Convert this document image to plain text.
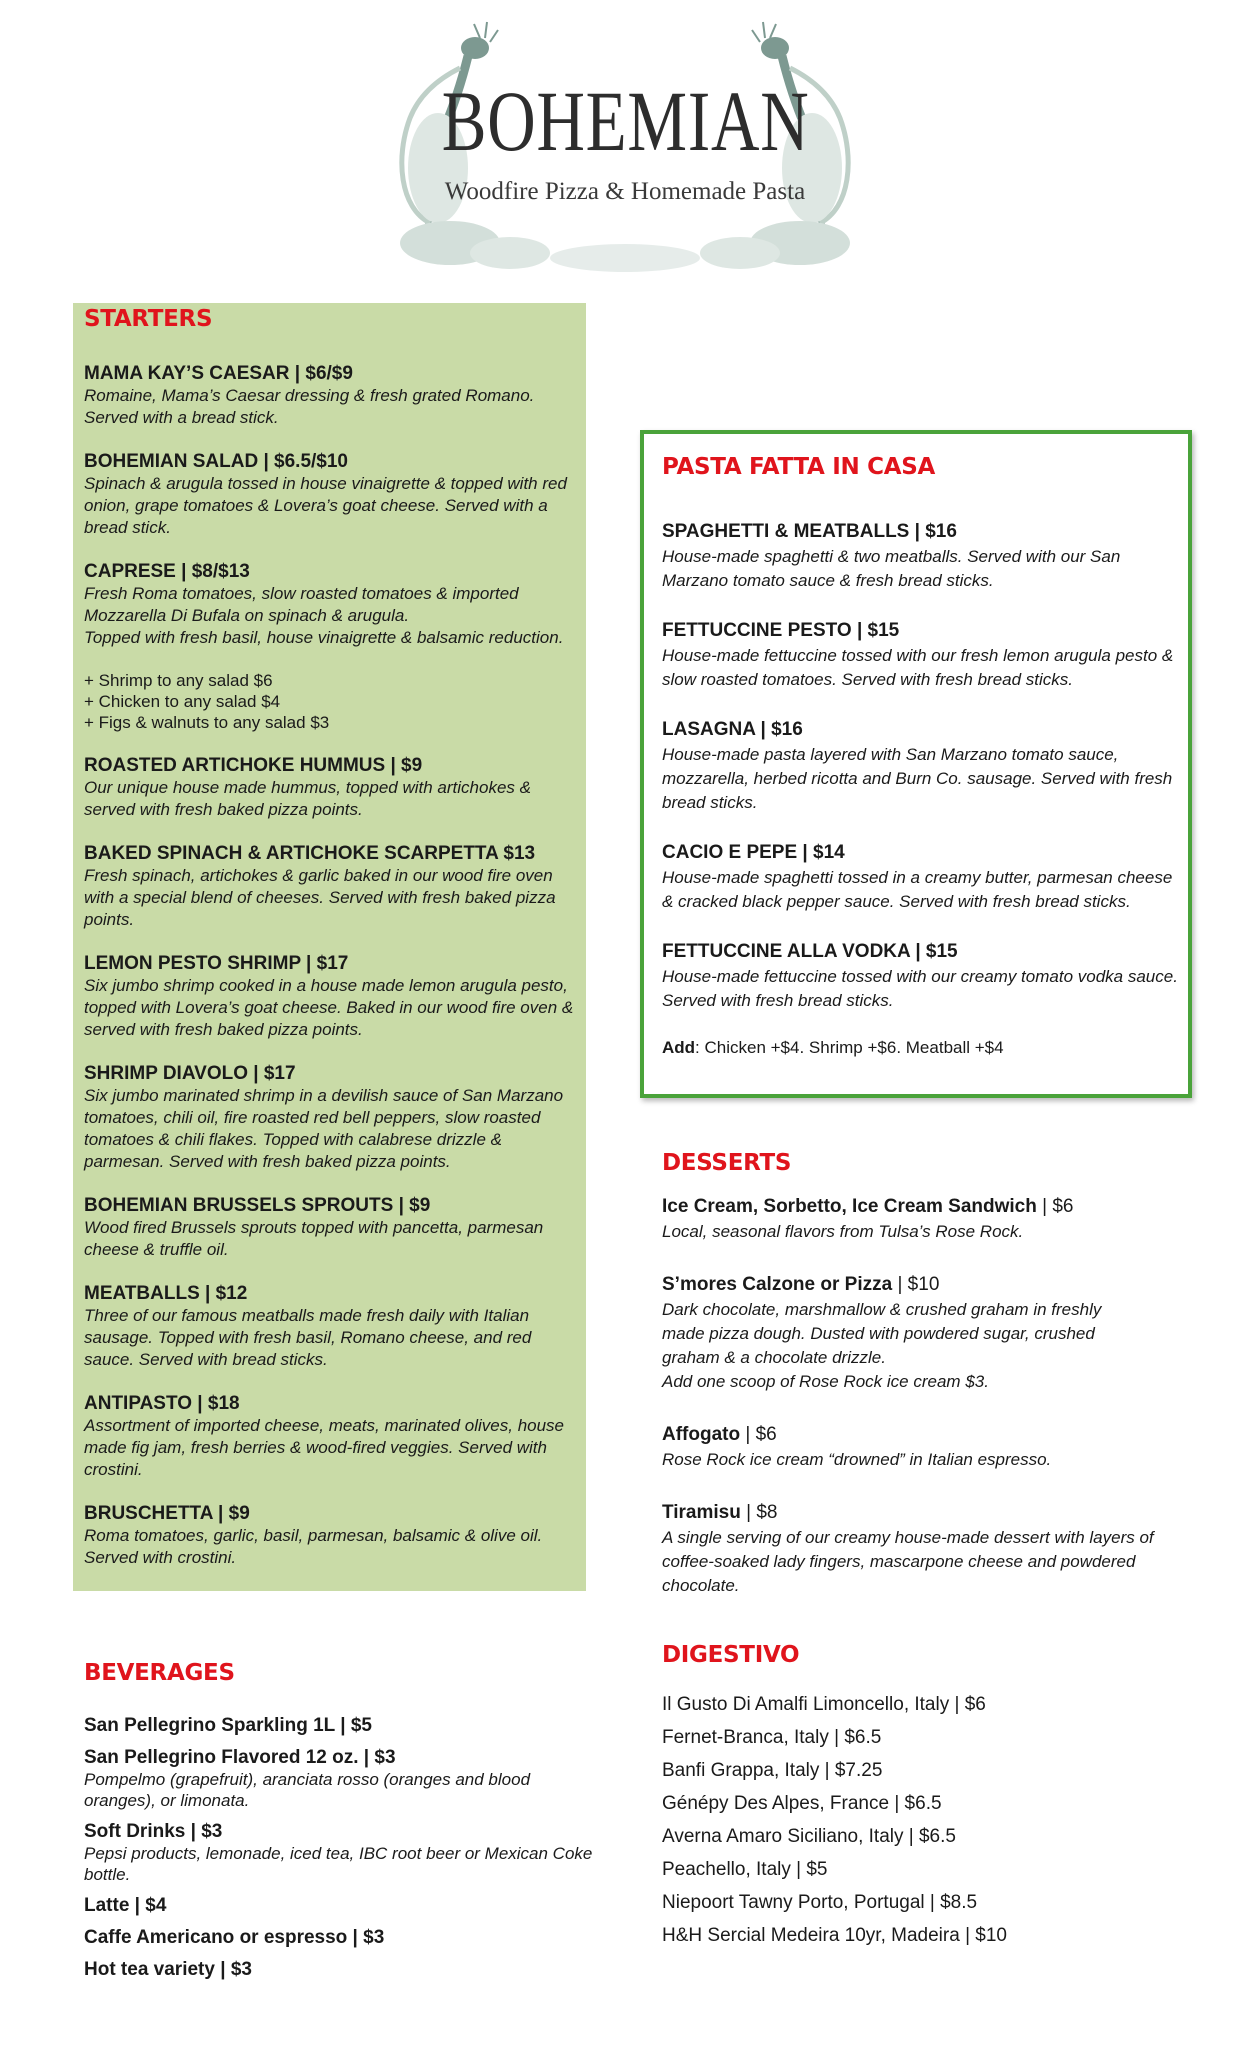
BOHEMIAN
Woodfire Pizza & Homemade Pasta
STARTERS
MAMA KAY’S CAESAR | $6/$9
Romaine, Mama’s Caesar dressing & fresh grated Romano. Served with a bread stick.
BOHEMIAN SALAD | $6.5/$10
Spinach & arugula tossed in house vinaigrette & topped with red onion, grape tomatoes & Lovera’s goat cheese. Served with a bread stick.
CAPRESE | $8/$13
Fresh Roma tomatoes, slow roasted tomatoes & imported Mozzarella Di Bufala on spinach & arugula.
Topped with fresh basil, house vinaigrette & balsamic reduction.
+ Shrimp to any salad $6
+ Chicken to any salad $4
+ Figs & walnuts to any salad $3
ROASTED ARTICHOKE HUMMUS | $9
Our unique house made hummus, topped with artichokes & served with fresh baked pizza points.
BAKED SPINACH & ARTICHOKE SCARPETTA $13
Fresh spinach, artichokes & garlic baked in our wood fire oven with a special blend of cheeses. Served with fresh baked pizza points.
LEMON PESTO SHRIMP | $17
Six jumbo shrimp cooked in a house made lemon arugula pesto, topped with Lovera’s goat cheese. Baked in our wood fire oven & served with fresh baked pizza points.
SHRIMP DIAVOLO | $17
Six jumbo marinated shrimp in a devilish sauce of San Marzano tomatoes, chili oil, fire roasted red bell peppers, slow roasted tomatoes & chili flakes. Topped with calabrese drizzle & parmesan. Served with fresh baked pizza points.
BOHEMIAN BRUSSELS SPROUTS | $9
Wood fired Brussels sprouts topped with pancetta, parmesan cheese & truffle oil.
MEATBALLS | $12
Three of our famous meatballs made fresh daily with Italian sausage. Topped with fresh basil, Romano cheese, and red sauce. Served with bread sticks.
ANTIPASTO | $18
Assortment of imported cheese, meats, marinated olives, house made fig jam, fresh berries & wood-fired veggies. Served with crostini.
BRUSCHETTA | $9
Roma tomatoes, garlic, basil, parmesan, balsamic & olive oil. Served with crostini.
PASTA FATTA IN CASA
SPAGHETTI & MEATBALLS | $16
House-made spaghetti & two meatballs. Served with our San Marzano tomato sauce & fresh bread sticks.
FETTUCCINE PESTO | $15
House-made fettuccine tossed with our fresh lemon arugula pesto & slow roasted tomatoes. Served with fresh bread sticks.
LASAGNA | $16
House-made pasta layered with San Marzano tomato sauce, mozzarella, herbed ricotta and Burn Co. sausage. Served with fresh bread sticks.
CACIO E PEPE | $14
House-made spaghetti tossed in a creamy butter, parmesan cheese & cracked black pepper sauce. Served with fresh bread sticks.
FETTUCCINE ALLA VODKA | $15
House-made fettuccine tossed with our creamy tomato vodka sauce. Served with fresh bread sticks.
Add: Chicken +$4. Shrimp +$6. Meatball +$4
DESSERTS
Ice Cream, Sorbetto, Ice Cream Sandwich | $6
Local, seasonal flavors from Tulsa’s Rose Rock.
S’mores Calzone or Pizza | $10
Dark chocolate, marshmallow & crushed graham in freshly made pizza dough. Dusted with powdered sugar, crushed graham & a chocolate drizzle.
Add one scoop of Rose Rock ice cream $3.
Affogato | $6
Rose Rock ice cream “drowned” in Italian espresso.
Tiramisu | $8
A single serving of our creamy house-made dessert with layers of coffee-soaked lady fingers, mascarpone cheese and powdered chocolate.
BEVERAGES
San Pellegrino Sparkling 1L | $5
San Pellegrino Flavored 12 oz. | $3
Pompelmo (grapefruit), aranciata rosso (oranges and blood oranges), or limonata.
Soft Drinks | $3
Pepsi products, lemonade, iced tea, IBC root beer or Mexican Coke bottle.
Latte | $4
Caffe Americano or espresso | $3
Hot tea variety | $3
DIGESTIVO
Il Gusto Di Amalfi Limoncello, Italy | $6
Fernet-Branca, Italy | $6.5
Banfi Grappa, Italy | $7.25
Génépy Des Alpes, France | $6.5
Averna Amaro Siciliano, Italy | $6.5
Peachello, Italy | $5
Niepoort Tawny Porto, Portugal | $8.5
H&H Sercial Medeira 10yr, Madeira | $10
